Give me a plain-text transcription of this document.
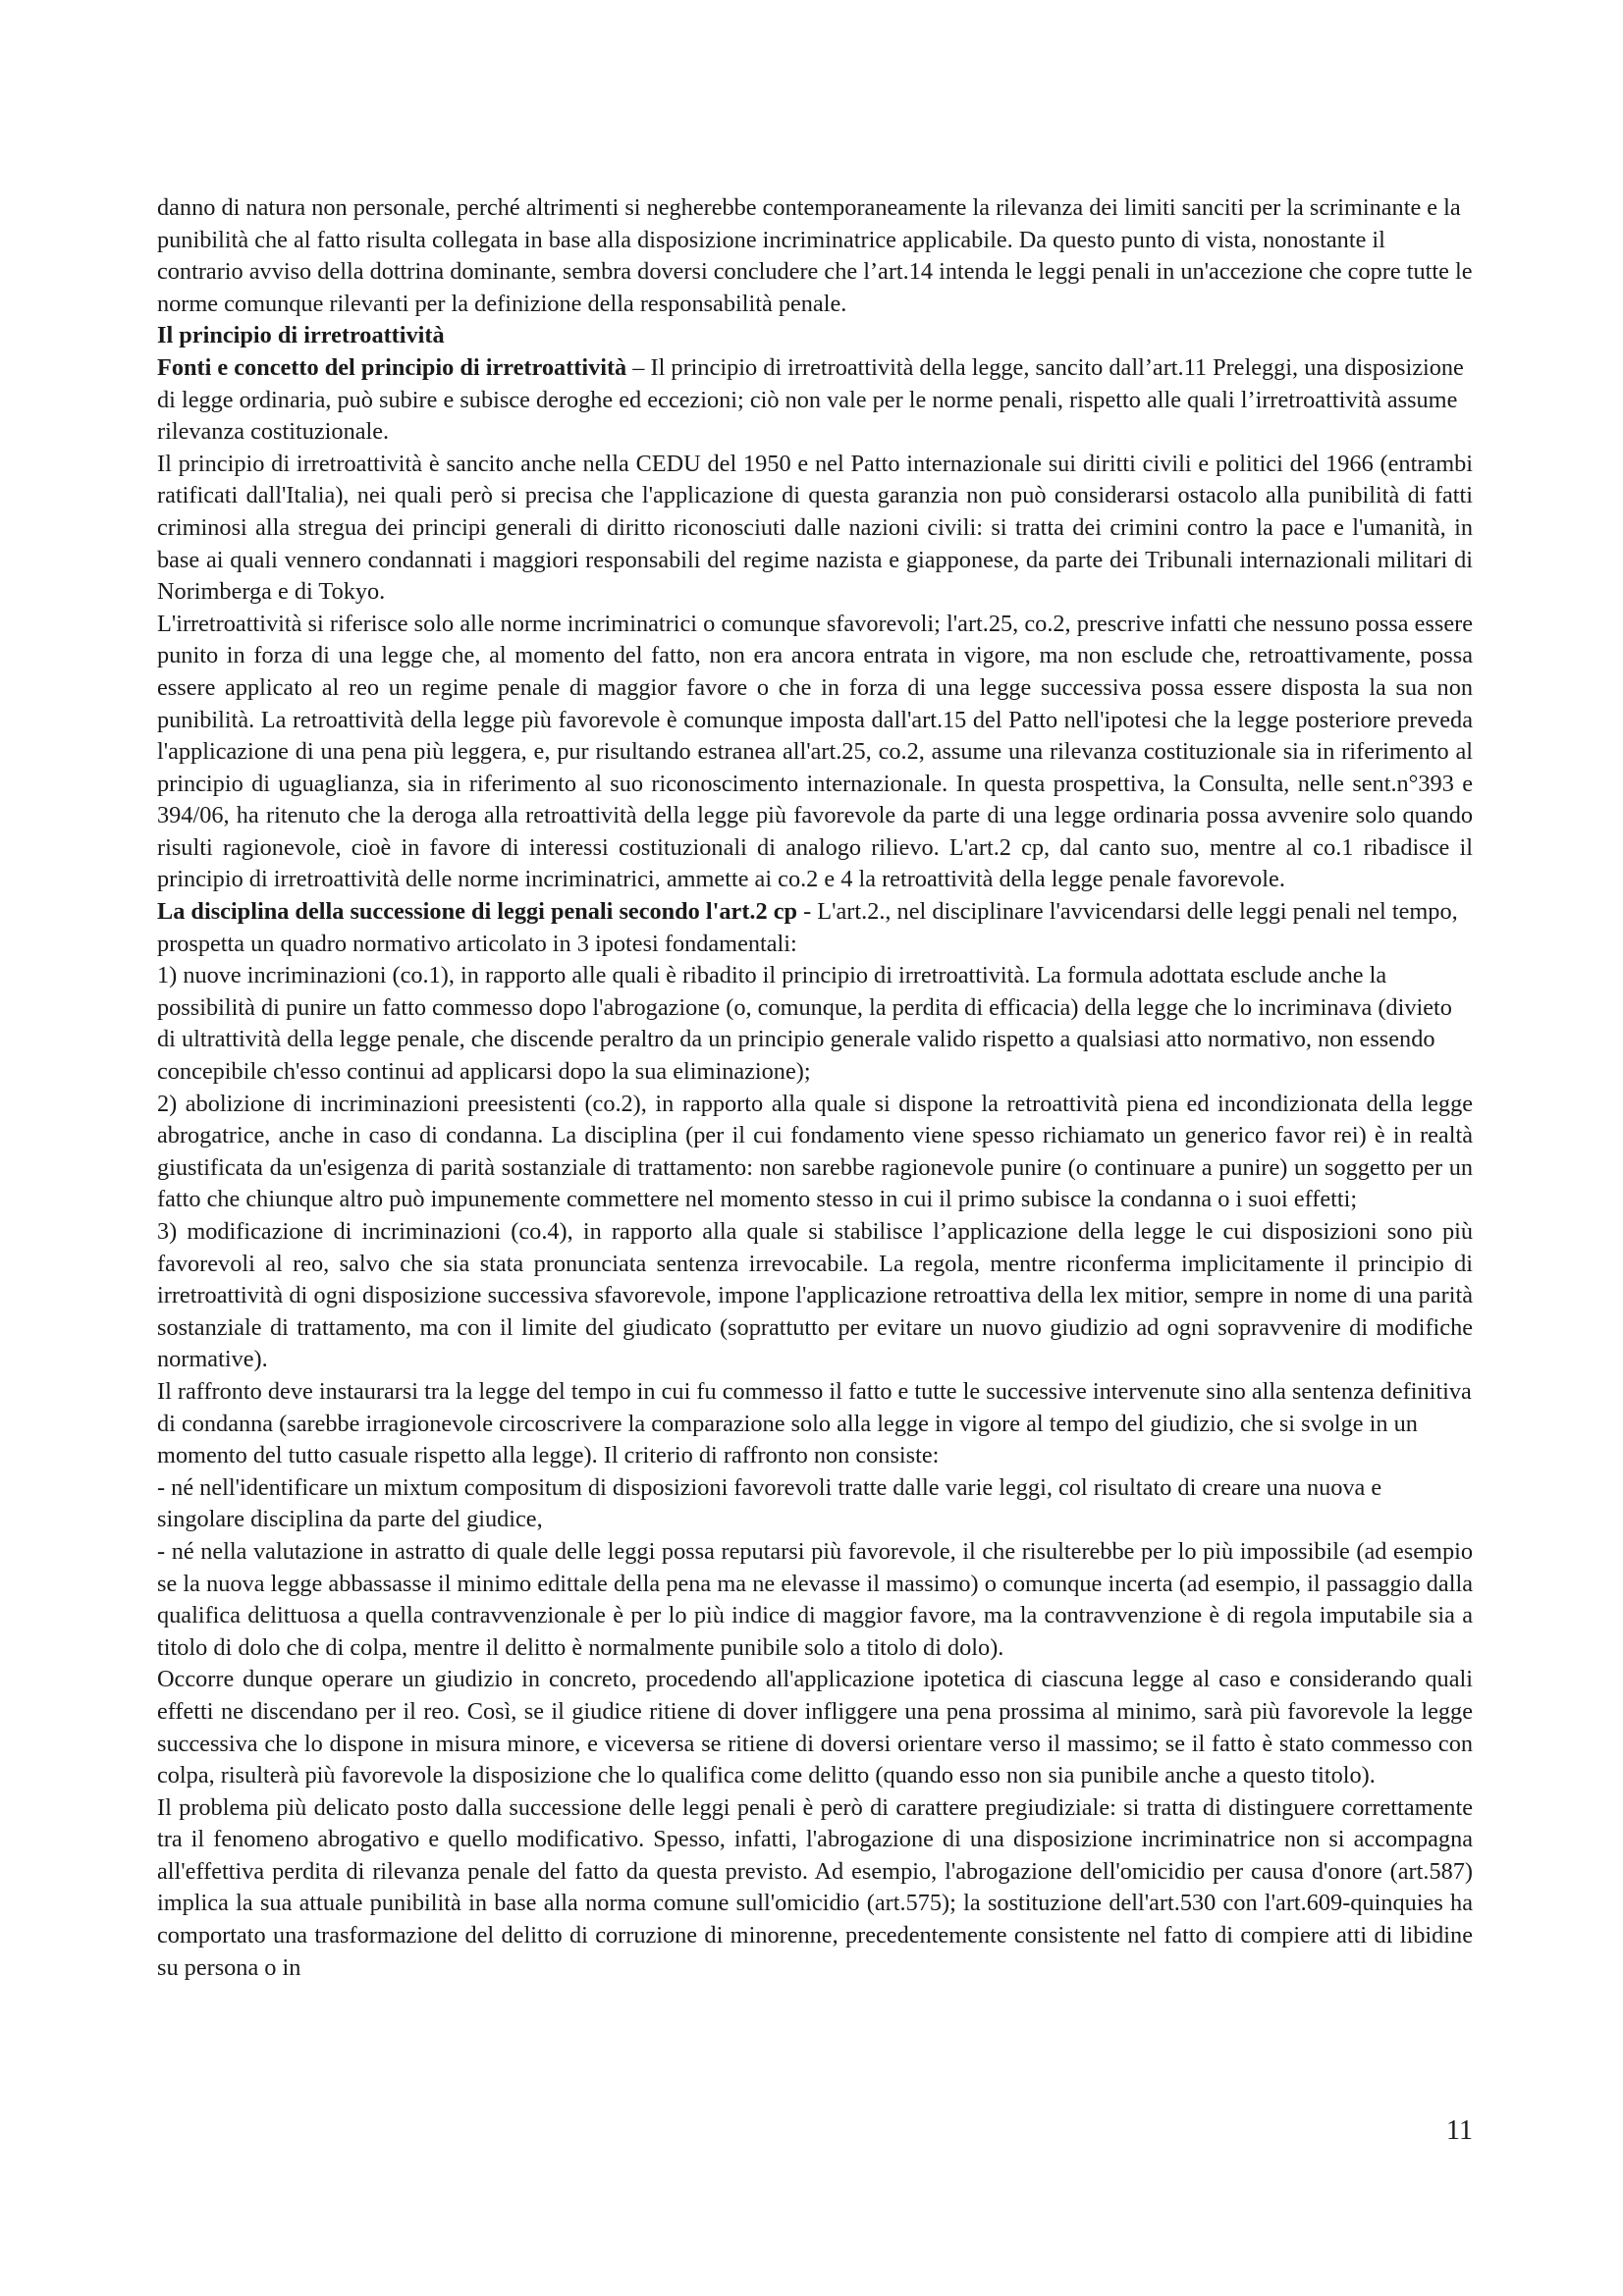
danno di natura non personale, perché altrimenti si negherebbe contemporaneamente la rilevanza dei limiti sanciti per la scriminante e la punibilità che al fatto risulta collegata in base alla disposizione incriminatrice applicabile. Da questo punto di vista, nonostante il contrario avviso della dottrina dominante, sembra doversi concludere che l’art.14 intenda le leggi penali in un'accezione che copre tutte le norme comunque rilevanti per la definizione della responsabilità penale.

Il principio di irretroattività

Fonti e concetto del principio di irretroattività – Il principio di irretroattività della legge, sancito dall’art.11 Preleggi, una disposizione di legge ordinaria, può subire e subisce deroghe ed eccezioni; ciò non vale per le norme penali, rispetto alle quali l’irretroattività assume rilevanza costituzionale.

Il principio di irretroattività è sancito anche nella CEDU del 1950 e nel Patto internazionale sui diritti civili e politici del 1966 (entrambi ratificati dall'Italia), nei quali però si precisa che l'applicazione di questa garanzia non può considerarsi ostacolo alla punibilità di fatti criminosi alla stregua dei principi generali di diritto riconosciuti dalle nazioni civili: si tratta dei crimini contro la pace e l'umanità, in base ai quali vennero condannati i maggiori responsabili del regime nazista e giapponese, da parte dei Tribunali internazionali militari di Norimberga e di Tokyo.

L'irretroattività si riferisce solo alle norme incriminatrici o comunque sfavorevoli; l'art.25, co.2, prescrive infatti che nessuno possa essere punito in forza di una legge che, al momento del fatto, non era ancora entrata in vigore, ma non esclude che, retroattivamente, possa essere applicato al reo un regime penale di maggior favore o che in forza di una legge successiva possa essere disposta la sua non punibilità. La retroattività della legge più favorevole è comunque imposta dall'art.15 del Patto nell'ipotesi che la legge posteriore preveda l'applicazione di una pena più leggera, e, pur risultando estranea all'art.25, co.2, assume una rilevanza costituzionale sia in riferimento al principio di uguaglianza, sia in riferimento al suo riconoscimento internazionale. In questa prospettiva, la Consulta, nelle sent.n°393 e 394/06, ha ritenuto che la deroga alla retroattività della legge più favorevole da parte di una legge ordinaria possa avvenire solo quando risulti ragionevole, cioè in favore di interessi costituzionali di analogo rilievo. L'art.2 cp, dal canto suo, mentre al co.1 ribadisce il principio di irretroattività delle norme incriminatrici, ammette ai co.2 e 4 la retroattività della legge penale favorevole.

La disciplina della successione di leggi penali secondo l'art.2 cp - L'art.2., nel disciplinare l'avvicendarsi delle leggi penali nel tempo, prospetta un quadro normativo articolato in 3 ipotesi fondamentali:

1) nuove incriminazioni (co.1), in rapporto alle quali è ribadito il principio di irretroattività. La formula adottata esclude anche la possibilità di punire un fatto commesso dopo l'abrogazione (o, comunque, la perdita di efficacia) della legge che lo incriminava (divieto di ultrattività della legge penale, che discende peraltro da un principio generale valido rispetto a qualsiasi atto normativo, non essendo concepibile ch'esso continui ad applicarsi dopo la sua eliminazione);

2) abolizione di incriminazioni preesistenti (co.2), in rapporto alla quale si dispone la retroattività piena ed incondizionata della legge abrogatrice, anche in caso di condanna. La disciplina (per il cui fondamento viene spesso richiamato un generico favor rei) è in realtà giustificata da un'esigenza di parità sostanziale di trattamento: non sarebbe ragionevole punire (o continuare a punire) un soggetto per un fatto che chiunque altro può impunemente commettere nel momento stesso in cui il primo subisce la condanna o i suoi effetti;

3) modificazione di incriminazioni (co.4), in rapporto alla quale si stabilisce l’applicazione della legge le cui disposizioni sono più favorevoli al reo, salvo che sia stata pronunciata sentenza irrevocabile. La regola, mentre riconferma implicitamente il principio di irretroattività di ogni disposizione successiva sfavorevole, impone l'applicazione retroattiva della lex mitior, sempre in nome di una parità sostanziale di trattamento, ma con il limite del giudicato (soprattutto per evitare un nuovo giudizio ad ogni sopravvenire di modifiche normative).

Il raffronto deve instaurarsi tra la legge del tempo in cui fu commesso il fatto e tutte le successive intervenute sino alla sentenza definitiva di condanna (sarebbe irragionevole circoscrivere la comparazione solo alla legge in vigore al tempo del giudizio, che si svolge in un momento del tutto casuale rispetto alla legge). Il criterio di raffronto non consiste:

- né nell'identificare un mixtum compositum di disposizioni favorevoli tratte dalle varie leggi, col risultato di creare una nuova e singolare disciplina da parte del giudice,

- né nella valutazione in astratto di quale delle leggi possa reputarsi più favorevole, il che risulterebbe per lo più impossibile (ad esempio se la nuova legge abbassasse il minimo edittale della pena ma ne elevasse il massimo) o comunque incerta (ad esempio, il passaggio dalla qualifica delittuosa a quella contravvenzionale è per lo più indice di maggior favore, ma la contravvenzione è di regola imputabile sia a titolo di dolo che di colpa, mentre il delitto è normalmente punibile solo a titolo di dolo).

Occorre dunque operare un giudizio in concreto, procedendo all'applicazione ipotetica di ciascuna legge al caso e considerando quali effetti ne discendano per il reo. Così, se il giudice ritiene di dover infliggere una pena prossima al minimo, sarà più favorevole la legge successiva che lo dispone in misura minore, e viceversa se ritiene di doversi orientare verso il massimo; se il fatto è stato commesso con colpa, risulterà più favorevole la disposizione che lo qualifica come delitto (quando esso non sia punibile anche a questo titolo).

Il problema più delicato posto dalla successione delle leggi penali è però di carattere pregiudiziale: si tratta di distinguere correttamente tra il fenomeno abrogativo e quello modificativo. Spesso, infatti, l'abrogazione di una disposizione incriminatrice non si accompagna all'effettiva perdita di rilevanza penale del fatto da questa previsto. Ad esempio, l'abrogazione dell'omicidio per causa d'onore (art.587) implica la sua attuale punibilità in base alla norma comune sull'omicidio (art.575); la sostituzione dell'art.530 con l'art.609-quinquies ha comportato una trasformazione del delitto di corruzione di minorenne, precedentemente consistente nel fatto di compiere atti di libidine su persona o in

11
